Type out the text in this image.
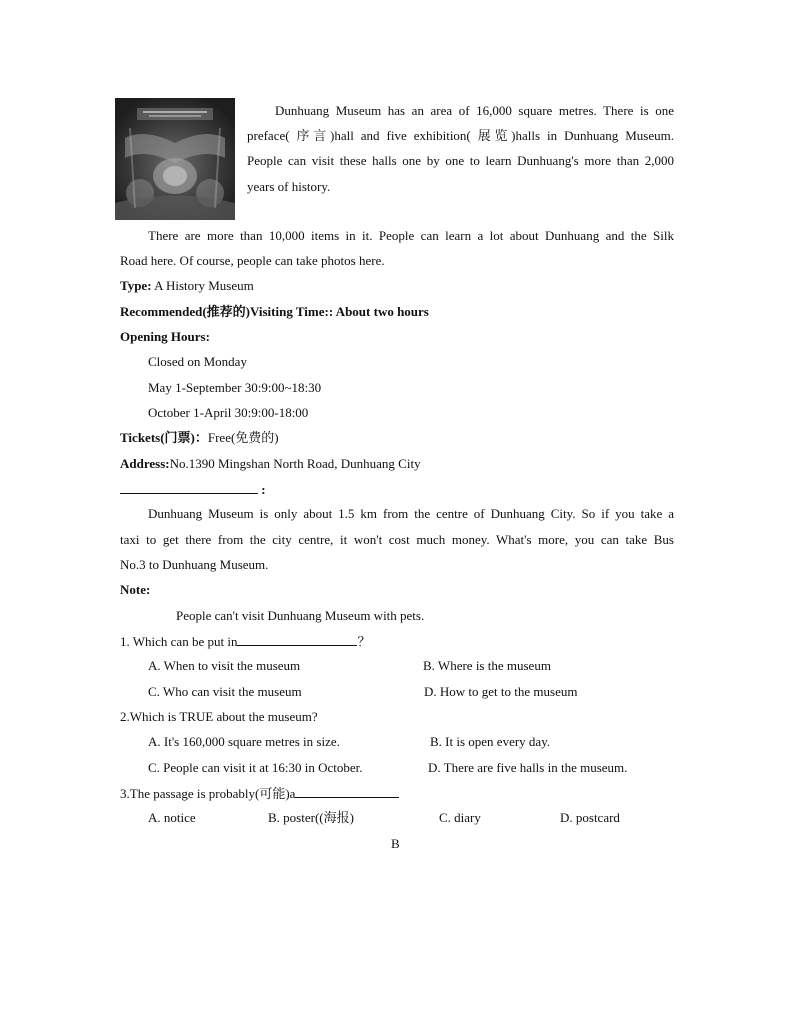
Dunhuang Museum has an area of 16,000 square metres. There is one
preface( 序言)hall and five exhibition( 展览)halls in Dunhuang Museum.
People can visit these halls one by one to learn Dunhuang's more than 2,000
years of history.
There are more than 10,000 items in it. People can learn a lot about Dunhuang and the Silk
Road here. Of course, people can take photos here.
Type: A History Museum
Recommended(推荐的)Visiting Time:: About two hours
Opening Hours:
Closed on Monday
May 1-September 30:9:00~18:30
October 1-April 30:9:00-18:00
Tickets(门票)：Free(免费的)
Address:No.1390 Mingshan North Road, Dunhuang City
:
Dunhuang Museum is only about 1.5 km from the centre of Dunhuang City. So if you take a
taxi to get there from the city centre, it won't cost much money. What's more, you can take Bus
No.3 to Dunhuang Museum.
Note:
People can't visit Dunhuang Museum with pets.
1. Which can be put in	？
A. When to visit the museum	B. Where is the museum
C. Who can visit the museum	D. How to get to the museum
2.Which is TRUE about the museum?
A. It's 160,000 square metres in size.	B. It is open every day.
C. People can visit it at 16:30 in October.	D. There are five halls in the museum.
3.The passage is probably(可能)a
A. notice	B. poster((海报)	C. diary	D. postcard
B
